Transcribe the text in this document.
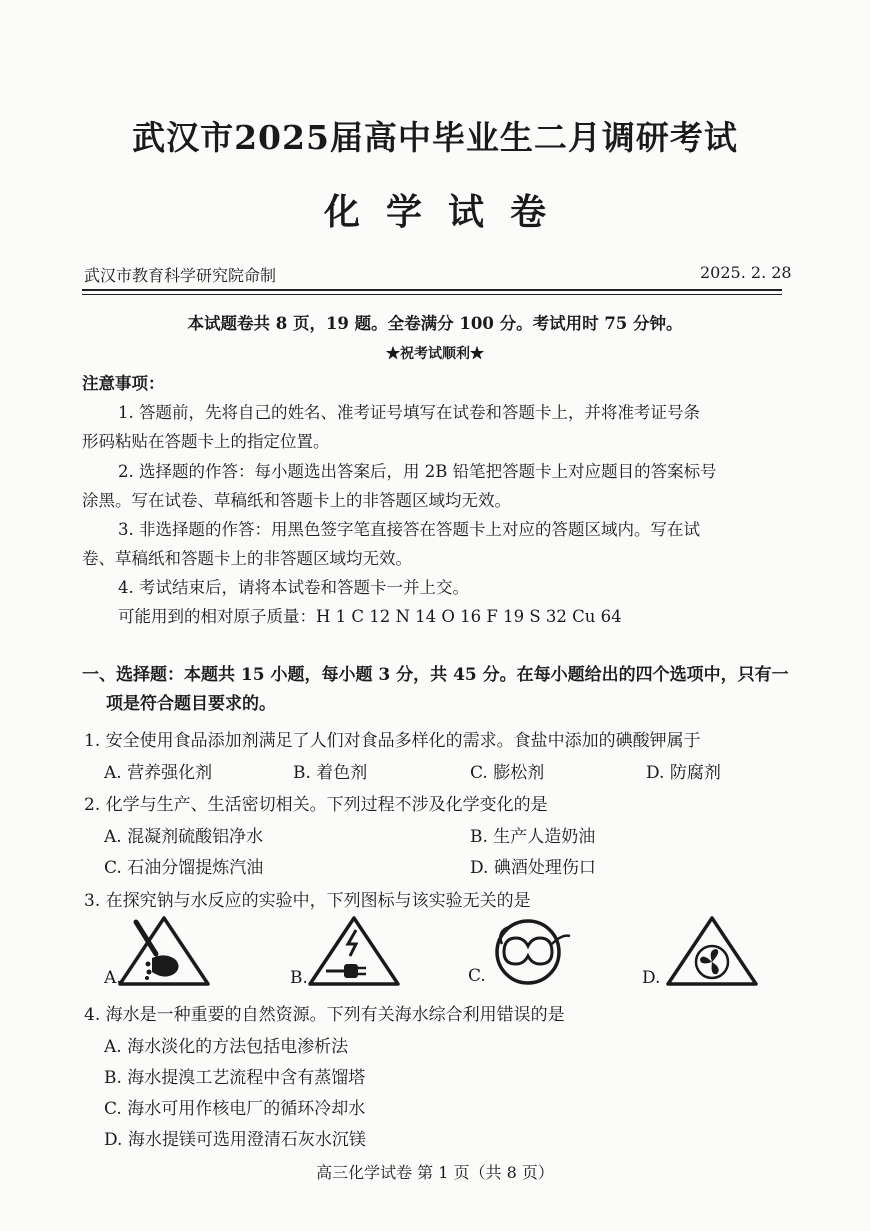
武汉市2025届高中毕业生二月调研考试
化学试卷
武汉市教育科学研究院命制	2025. 2. 28
本试题卷共 8 页，19 题。全卷满分 100 分。考试用时 75 分钟。
★祝考试顺利★
注意事项：
1. 答题前，先将自己的姓名、准考证号填写在试卷和答题卡上，并将准考证号条
形码粘贴在答题卡上的指定位置。
2. 选择题的作答：每小题选出答案后，用 2B 铅笔把答题卡上对应题目的答案标号
涂黑。写在试卷、草稿纸和答题卡上的非答题区域均无效。
3. 非选择题的作答：用黑色签字笔直接答在答题卡上对应的答题区域内。写在试
卷、草稿纸和答题卡上的非答题区域均无效。
4. 考试结束后，请将本试卷和答题卡一并上交。
可能用到的相对原子质量：H 1 C 12 N 14 O 16 F 19 S 32 Cu 64
一、选择题：本题共 15 小题，每小题 3 分，共 45 分。在每小题给出的四个选项中，只有一
项是符合题目要求的。
1. 安全使用食品添加剂满足了人们对食品多样化的需求。食盐中添加的碘酸钾属于
A. 营养强化剂	B. 着色剂	C. 膨松剂	D. 防腐剂
2. 化学与生产、生活密切相关。下列过程不涉及化学变化的是
A. 混凝剂硫酸铝净水	B. 生产人造奶油
C. 石油分馏提炼汽油	D. 碘酒处理伤口
3. 在探究钠与水反应的实验中，下列图标与该实验无关的是
A.	B.	C.	D.
4. 海水是一种重要的自然资源。下列有关海水综合利用错误的是
A. 海水淡化的方法包括电渗析法
B. 海水提溴工艺流程中含有蒸馏塔
C. 海水可用作核电厂的循环冷却水
D. 海水提镁可选用澄清石灰水沉镁
高三化学试卷 第 1 页（共 8 页）
